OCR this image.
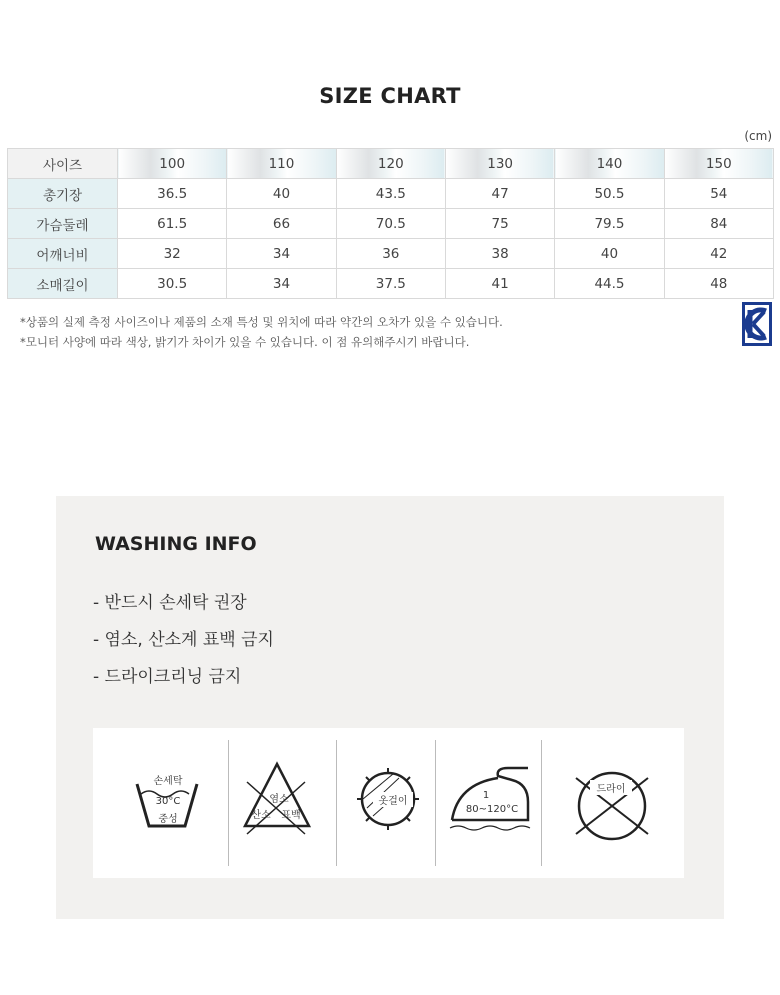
SIZE CHART
(cm)
사이즈	100	110	120	130	140	150
총기장	36.5	40	43.5	47	50.5	54
가슴둘레	61.5	66	70.5	75	79.5	84
어깨너비	32	34	36	38	40	42
소매길이	30.5	34	37.5	41	44.5	48
*상품의 실제 측정 사이즈이나 제품의 소재 특성 및 위치에 따라 약간의 오차가 있을 수 있습니다.
*모니터 사양에 따라 색상, 밝기가 차이가 있을 수 있습니다. 이 점 유의해주시기 바랍니다.
WASHING INFO
- 반드시 손세탁 권장
- 염소, 산소계 표백 금지
- 드라이크리닝 금지
손세탁
30°C
중성
염소
산소 표백
옷걸이
1
80~120°C
드라이
